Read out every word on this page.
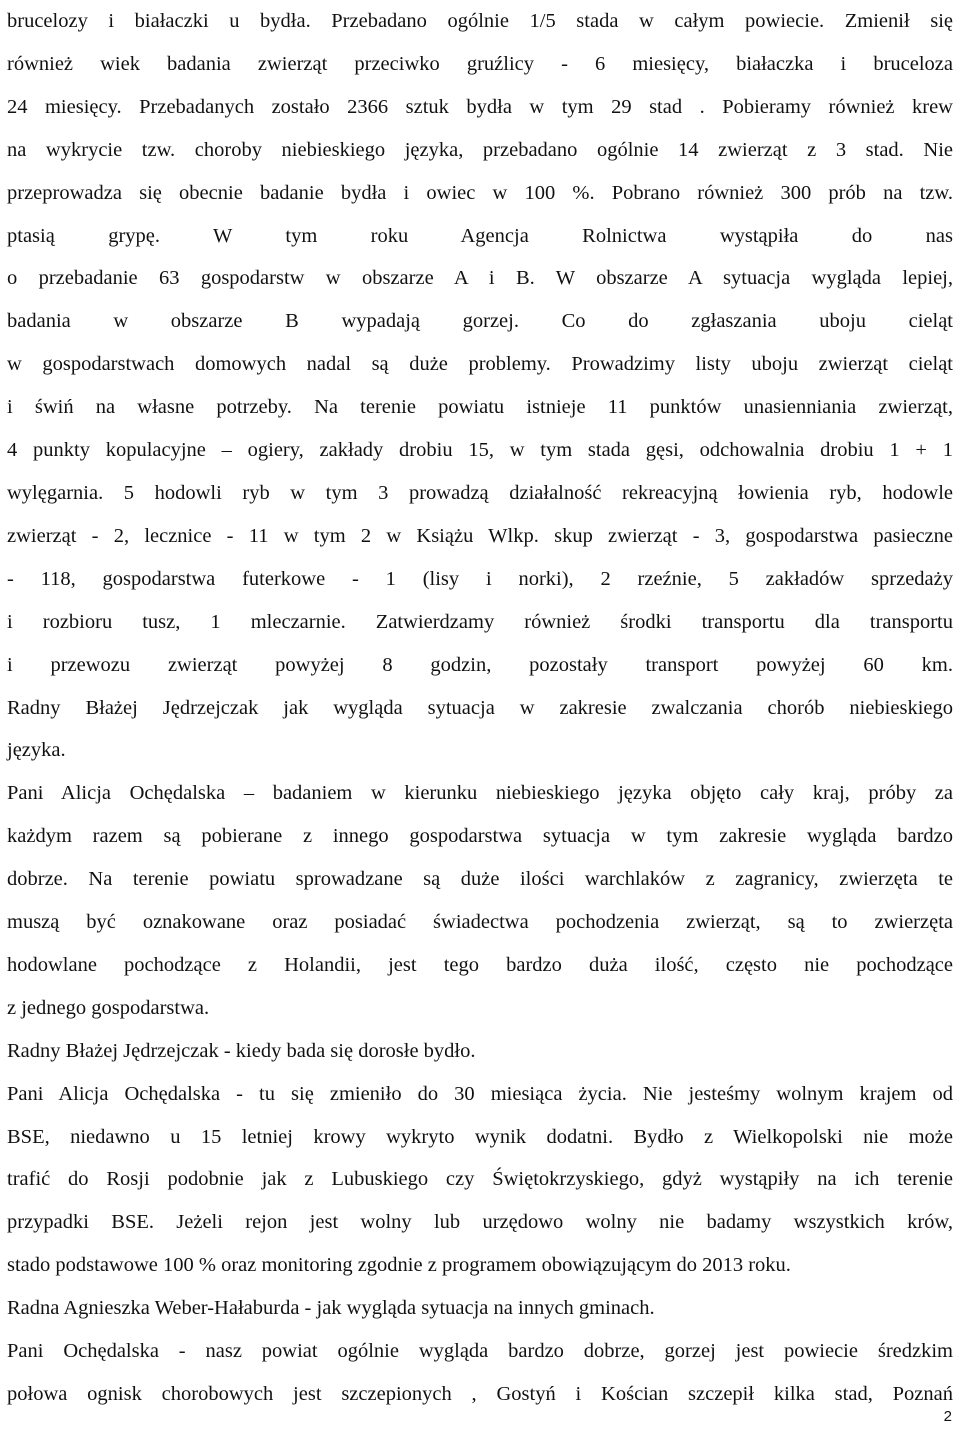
brucelozy i białaczki u bydła. Przebadano ogólnie 1/5 stada w całym powiecie. Zmienił się
również wiek badania zwierząt przeciwko gruźlicy - 6 miesięcy, białaczka i bruceloza
24 miesięcy. Przebadanych zostało 2366 sztuk bydła w tym 29 stad . Pobieramy również krew
na wykrycie tzw. choroby niebieskiego języka, przebadano ogólnie 14 zwierząt z 3 stad. Nie
przeprowadza się obecnie badanie bydła i owiec w 100 %. Pobrano również 300 prób na tzw.
ptasią grypę. W tym roku Agencja Rolnictwa wystąpiła do nas
o przebadanie 63 gospodarstw w obszarze A i B. W obszarze A sytuacja wygląda lepiej,
badania w obszarze B wypadają gorzej. Co do zgłaszania uboju cieląt
w gospodarstwach domowych nadal są duże problemy. Prowadzimy listy uboju zwierząt cieląt
i świń na własne potrzeby. Na terenie powiatu istnieje 11 punktów unasienniania zwierząt,
4 punkty kopulacyjne – ogiery, zakłady drobiu 15, w tym stada gęsi, odchowalnia drobiu 1 + 1
wylęgarnia. 5 hodowli ryb w tym 3 prowadzą działalność rekreacyjną łowienia ryb, hodowle
zwierząt - 2, lecznice - 11 w tym 2 w Książu Wlkp. skup zwierząt - 3, gospodarstwa pasieczne
- 118, gospodarstwa futerkowe - 1 (lisy i norki), 2 rzeźnie, 5 zakładów sprzedaży
i rozbioru tusz, 1 mleczarnie. Zatwierdzamy również środki transportu dla transportu
i przewozu zwierząt powyżej 8 godzin, pozostały transport powyżej 60 km.
Radny Błażej Jędrzejczak jak wygląda sytuacja w zakresie zwalczania chorób niebieskiego
języka.
Pani Alicja Ochędalska – badaniem w kierunku niebieskiego języka objęto cały kraj, próby za
każdym razem są pobierane z innego gospodarstwa sytuacja w tym zakresie wygląda bardzo
dobrze. Na terenie powiatu sprowadzane są duże ilości warchlaków z zagranicy, zwierzęta te
muszą być oznakowane oraz posiadać świadectwa pochodzenia zwierząt, są to zwierzęta
hodowlane pochodzące z Holandii, jest tego bardzo duża ilość, często nie pochodzące
z jednego gospodarstwa.
Radny Błażej Jędrzejczak - kiedy bada się dorosłe bydło.
Pani Alicja Ochędalska - tu się zmieniło do 30 miesiąca życia. Nie jesteśmy wolnym krajem od
BSE, niedawno u 15 letniej krowy wykryto wynik dodatni. Bydło z Wielkopolski nie może
trafić do Rosji podobnie jak z Lubuskiego czy Świętokrzyskiego, gdyż wystąpiły na ich terenie
przypadki BSE. Jeżeli rejon jest wolny lub urzędowo wolny nie badamy wszystkich krów,
stado podstawowe 100 % oraz monitoring zgodnie z programem obowiązującym do 2013 roku.
Radna Agnieszka Weber-Hałaburda - jak wygląda sytuacja na innych gminach.
Pani Ochędalska - nasz powiat ogólnie wygląda bardzo dobrze, gorzej jest powiecie średzkim
połowa ognisk chorobowych jest szczepionych , Gostyń i Kościan szczepił kilka stad, Poznań
2
